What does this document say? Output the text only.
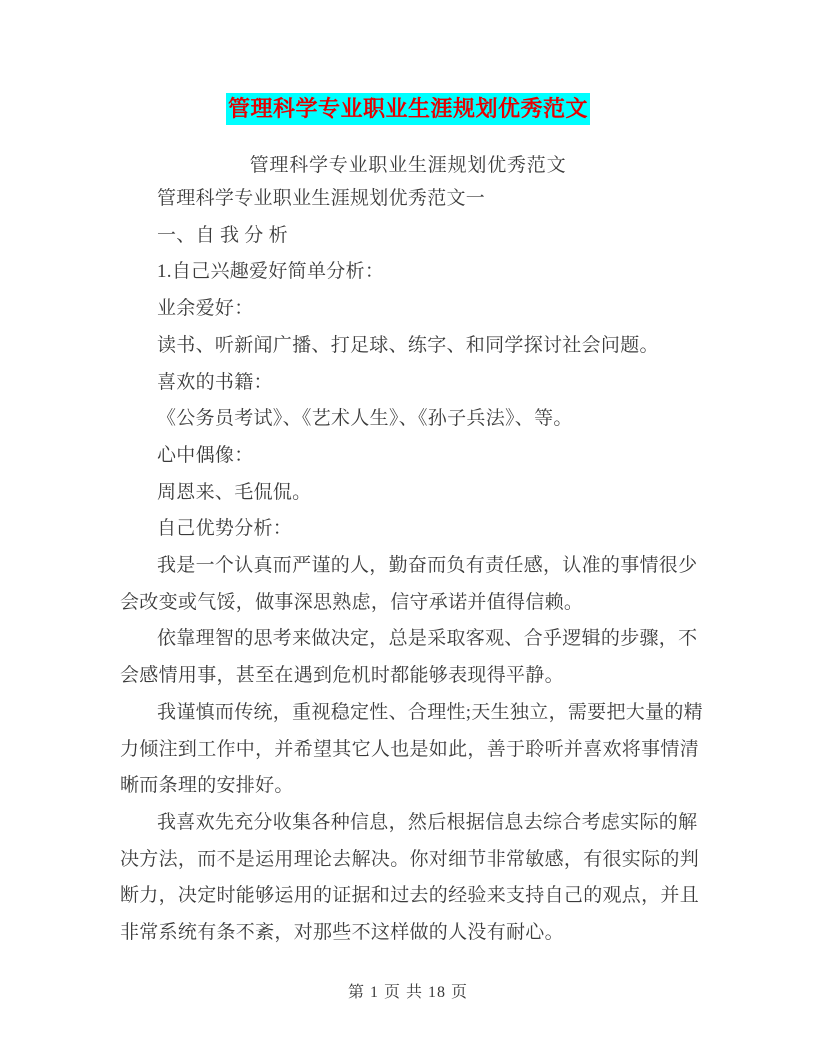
管理科学专业职业生涯规划优秀范文
管理科学专业职业生涯规划优秀范文
管理科学专业职业生涯规划优秀范文一
一、自 我 分 析
1.自己兴趣爱好简单分析：
业余爱好：
读书、听新闻广播、打足球、练字、和同学探讨社会问题。
喜欢的书籍：
《公务员考试》、《艺术人生》、《孙子兵法》、等。
心中偶像：
周恩来、毛侃侃。
自己优势分析：
我是一个认真而严谨的人，勤奋而负有责任感，认准的事情很少
会改变或气馁，做事深思熟虑，信守承诺并值得信赖。
依靠理智的思考来做决定，总是采取客观、合乎逻辑的步骤，不
会感情用事，甚至在遇到危机时都能够表现得平静。
我谨慎而传统，重视稳定性、合理性;天生独立，需要把大量的精
力倾注到工作中，并希望其它人也是如此，善于聆听并喜欢将事情清
晰而条理的安排好。
我喜欢先充分收集各种信息，然后根据信息去综合考虑实际的解
决方法，而不是运用理论去解决。你对细节非常敏感，有很实际的判
断力，决定时能够运用的证据和过去的经验来支持自己的观点，并且
非常系统有条不紊，对那些不这样做的人没有耐心。
第 1 页 共 18 页
